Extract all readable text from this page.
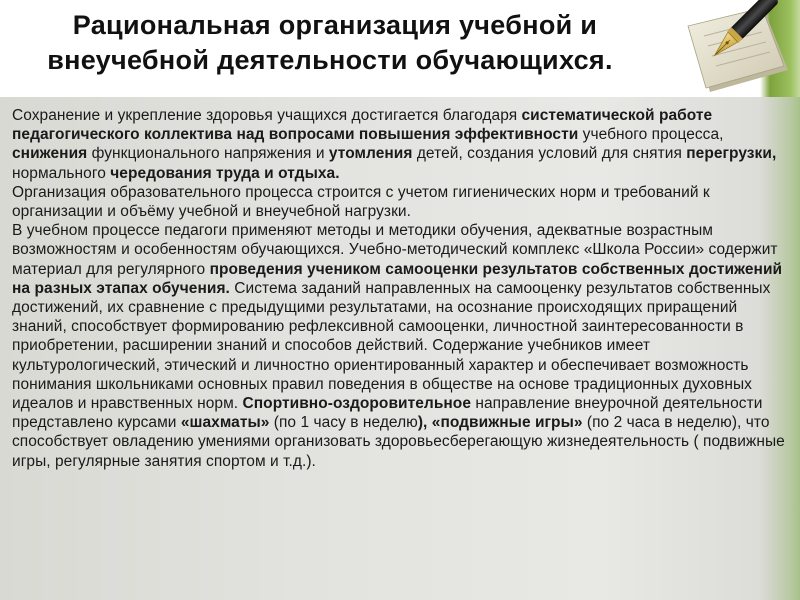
Рациональная организация учебной и
внеучебной деятельности обучающихся.

Сохранение и укрепление здоровья учащихся достигается благодаря систематической работе педагогического коллектива над вопросами повышения эффективности учебного процесса, снижения функционального напряжения и утомления детей, создания условий для снятия перегрузки, нормального чередования труда и отдыха.

Организация образовательного процесса строится с учетом гигиенических норм и требований к организации и объёму учебной и внеучебной нагрузки.

В учебном процессе педагоги применяют методы и методики обучения, адекватные возрастным возможностям и особенностям обучающихся. Учебно-методический комплекс «Школа России» содержит материал для регулярного проведения учеником самооценки результатов собственных достижений на разных этапах обучения. Система заданий направленных на самооценку результатов собственных достижений, их сравнение с предыдущими результатами, на осознание происходящих приращений знаний, способствует формированию рефлексивной самооценки, личностной заинтересованности в приобретении, расширении знаний и способов действий. Содержание учебников имеет культурологический, этический и личностно ориентированный характер и обеспечивает возможность понимания школьниками основных правил поведения в обществе на основе традиционных духовных идеалов и нравственных норм. Спортивно-оздоровительное направление внеурочной деятельности представлено курсами «шахматы» (по 1 часу в неделю), «подвижные игры» (по 2 часа в неделю), что способствует овладению умениями организовать здоровьесберегающую жизнедеятельность ( подвижные игры, регулярные занятия спортом и т.д.).
